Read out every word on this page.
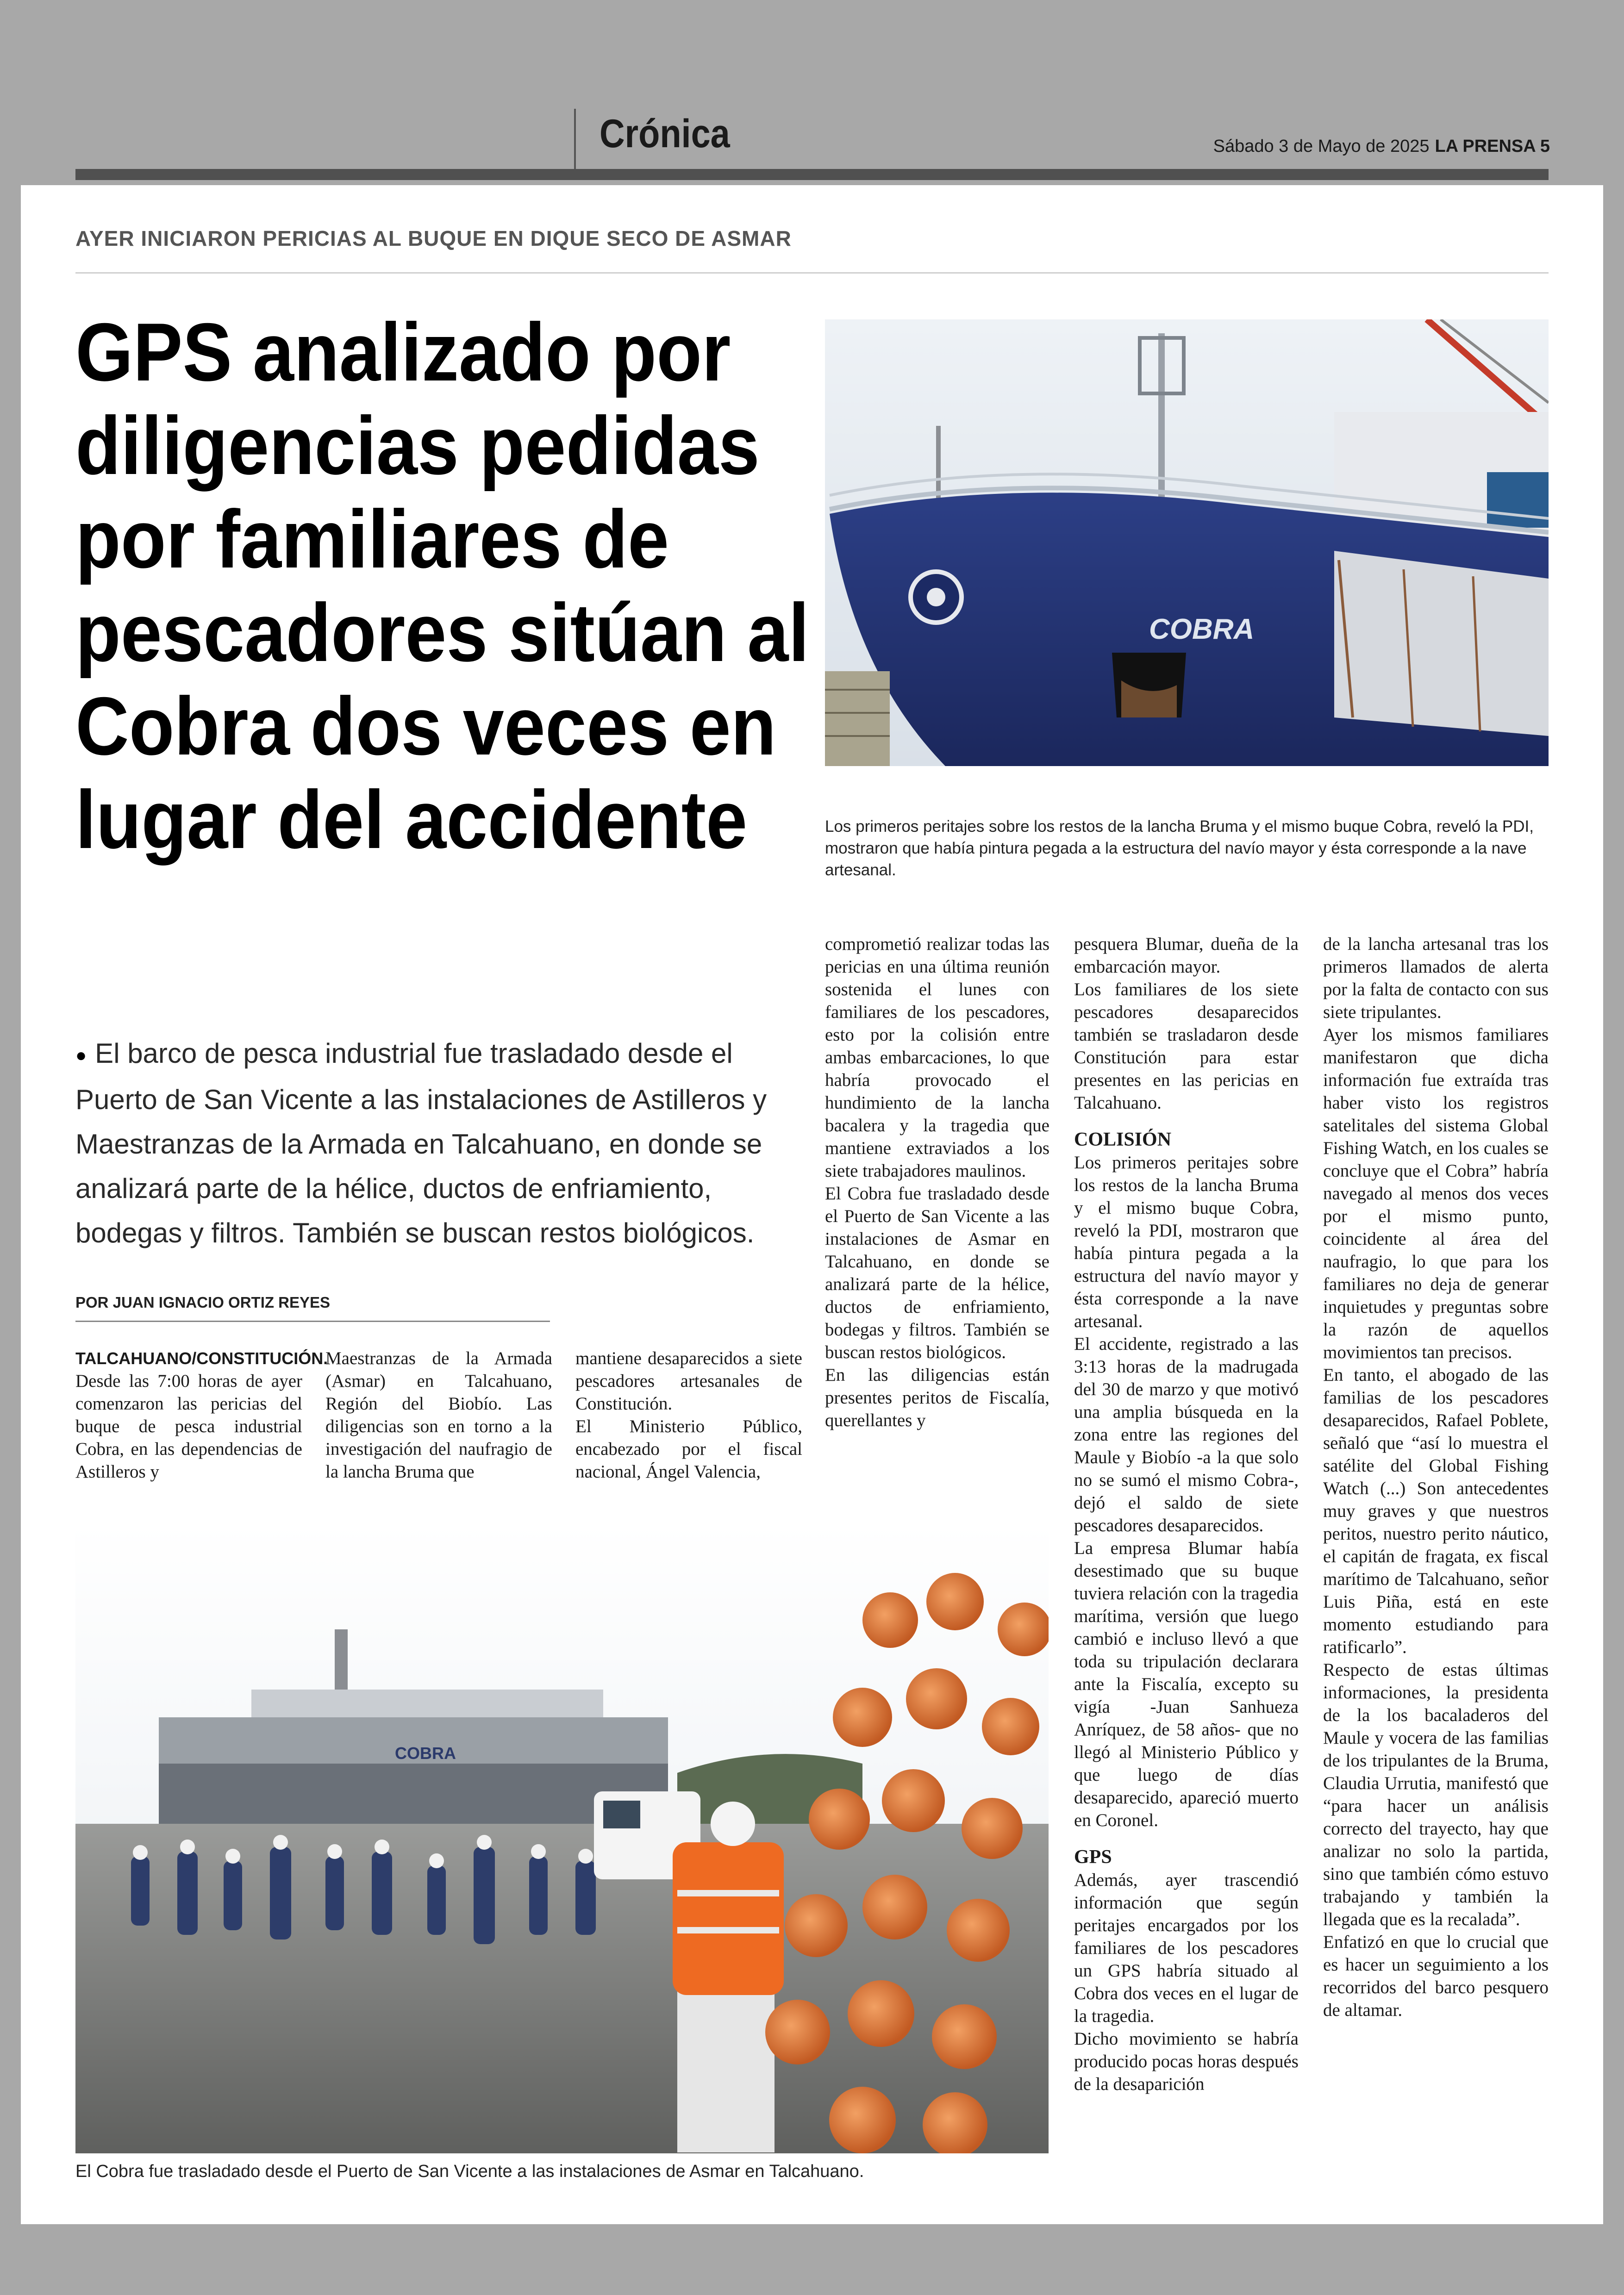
Crónica	Sábado 3 de Mayo de 2025 LA PRENSA 5
AYER INICIARON PERICIAS AL BUQUE EN DIQUE SECO DE ASMAR
GPS analizado por
diligencias pedidas
por familiares de
pescadores sitúan al
Cobra dos veces en
lugar del accidente
● El barco de pesca industrial fue trasladado desde el Puerto de San Vicente a las instalaciones de Astilleros y Maestranzas de la Armada en Talcahuano, en donde se analizará parte de la hélice, ductos de enfriamiento, bodegas y filtros. También se buscan restos biológicos.
POR JUAN IGNACIO ORTIZ REYES

TALCAHUANO/CONSTITUCIÓN. Desde las 7:00 horas de ayer comenzaron las pericias del buque de pesca industrial Cobra, en las dependencias de Astilleros y

Maestranzas de la Armada (Asmar) en Talcahuano, Región del Biobío. Las diligencias son en torno a la investigación del naufragio de la lancha Bruma que

mantiene desaparecidos a siete pescadores artesanales de Constitución.

El Ministerio Público, encabezado por el fiscal nacional, Ángel Valencia,

comprometió realizar todas las pericias en una última reunión sostenida el lunes con familiares de los pescadores, esto por la colisión entre ambas embarcaciones, lo que habría provocado el hundimiento de la lancha bacalera y la tragedia que mantiene extraviados a los siete trabajadores maulinos.

El Cobra fue trasladado desde el Puerto de San Vicente a las instalaciones de Asmar en Talcahuano, en donde se analizará parte de la hélice, ductos de enfriamiento, bodegas y filtros. También se buscan restos biológicos.

En las diligencias están presentes peritos de Fiscalía, querellantes y

pesquera Blumar, dueña de la embarcación mayor.

Los familiares de los siete pescadores desaparecidos también se trasladaron desde Constitución para estar presentes en las pericias en Talcahuano.

COLISIÓN

Los primeros peritajes sobre los restos de la lancha Bruma y el mismo buque Cobra, reveló la PDI, mostraron que había pintura pegada a la estructura del navío mayor y ésta corresponde a la nave artesanal.

El accidente, registrado a las 3:13 horas de la madrugada del 30 de marzo y que motivó una amplia búsqueda en la zona entre las regiones del Maule y Biobío -a la que solo no se sumó el mismo Cobra-, dejó el saldo de siete pescadores desaparecidos.

La empresa Blumar había desestimado que su buque tuviera relación con la tragedia marítima, versión que luego cambió e incluso llevó a que toda su tripulación declarara ante la Fiscalía, excepto su vigía -Juan Sanhueza Anríquez, de 58 años- que no llegó al Ministerio Público y que luego de días desaparecido, apareció muerto en Coronel.

GPS

Además, ayer trascendió información que según peritajes encargados por los familiares de los pescadores un GPS habría situado al Cobra dos veces en el lugar de la tragedia.

Dicho movimiento se habría producido pocas horas después de la desaparición

de la lancha artesanal tras los primeros llamados de alerta por la falta de contacto con sus siete tripulantes.

Ayer los mismos familiares manifestaron que dicha información fue extraída tras haber visto los registros satelitales del sistema Global Fishing Watch, en los cuales se concluye que el Cobra” habría navegado al menos dos veces por el mismo punto, coincidente al área del naufragio, lo que para los familiares no deja de generar inquietudes y preguntas sobre la razón de aquellos movimientos tan precisos.

En tanto, el abogado de las familias de los pescadores desaparecidos, Rafael Poblete, señaló que “así lo muestra el satélite del Global Fishing Watch (...) Son antecedentes muy graves y que nuestros peritos, nuestro perito náutico, el capitán de fragata, ex fiscal marítimo de Talcahuano, señor Luis Piña, está en este momento estudiando para ratificarlo”.

Respecto de estas últimas informaciones, la presidenta de la los bacaladeros del Maule y vocera de las familias de los tripulantes de la Bruma, Claudia Urrutia, manifestó que “para hacer un análisis correcto del trayecto, hay que analizar no solo la partida, sino que también cómo estuvo trabajando y también la llegada que es la recalada”.

Enfatizó en que lo crucial que es hacer un seguimiento a los recorridos del barco pesquero de altamar.

COBRA
Los primeros peritajes sobre los restos de la lancha Bruma y el mismo buque Cobra, reveló la PDI, mostraron que había pintura pegada a la estructura del navío mayor y ésta corresponde a la nave artesanal.
COBRA
El Cobra fue trasladado desde el Puerto de San Vicente a las instalaciones de Asmar en Talcahuano.
